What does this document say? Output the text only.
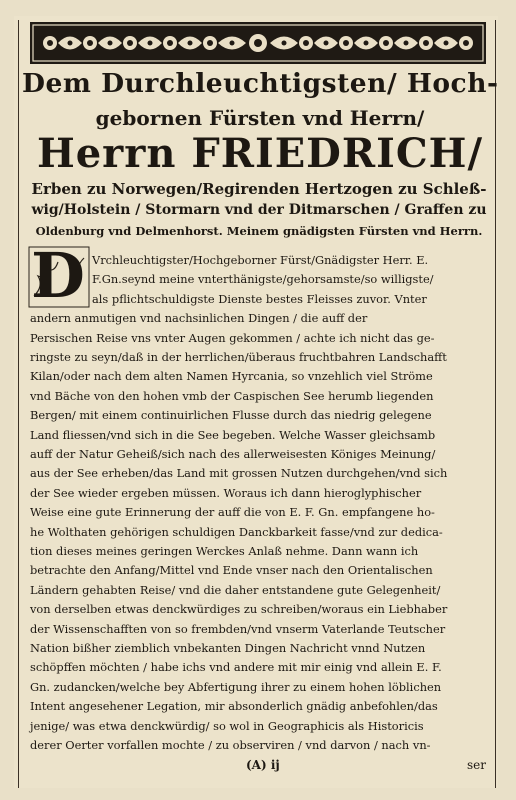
Dem Durchleuchtigsten/ Hoch-
gebornen Fürsten vnd Herrn/
Herrn FRIEDRICH/
Erben zu Norwegen/Regirenden Hertzogen zu Schleß-
wig/Holstein / Stormarn vnd der Ditmarschen / Graffen zu
Oldenburg vnd Delmenhorst. Meinem gnädigsten Fürsten vnd Herrn.
D Vrchleuchtigster/Hochgeborner Fürst/Gnädigster Herr. E.
F.Gn.seynd meine vnterthänigste/gehorsamste/so willigste/
als pflichtschuldigste Dienste bestes Fleisses zuvor. Vnter
andern anmutigen vnd nachsinlichen Dingen / die auff der
Persischen Reise vns vnter Augen gekommen / achte ich nicht das ge-
ringste zu seyn/daß in der herrlichen/überaus fruchtbahren Landschafft
Kilan/oder nach dem alten Namen Hyrcania, so vnzehlich viel Ströme
vnd Bäche von den hohen vmb der Caspischen See herumb liegenden
Bergen/ mit einem continuirlichen Flusse durch das niedrig gelegene
Land fliessen/vnd sich in die See begeben. Welche Wasser gleichsamb
auff der Natur Geheiß/sich nach des allerweisesten Königes Meinung/
aus der See erheben/das Land mit grossen Nutzen durchgehen/vnd sich
der See wieder ergeben müssen. Woraus ich dann hieroglyphischer
Weise eine gute Erinnerung der auff die von E. F. Gn. empfangene ho-
he Wolthaten gehörigen schuldigen Danckbarkeit fasse/vnd zur dedica-
tion dieses meines geringen Werckes Anlaß nehme. Dann wann ich
betrachte den Anfang/Mittel vnd Ende vnser nach den Orientalischen
Ländern gehabten Reise/ vnd die daher entstandene gute Gelegenheit/
von derselben etwas denckwürdiges zu schreiben/woraus ein Liebhaber
der Wissenschafften von so frembden/vnd vnserm Vaterlande Teutscher
Nation bißher ziemblich vnbekanten Dingen Nachricht vnnd Nutzen
schöpffen möchten / habe ichs vnd andere mit mir einig vnd allein E. F.
Gn. zudancken/welche bey Abfertigung ihrer zu einem hohen löblichen
Intent angesehener Legation, mir absonderlich gnädig anbefohlen/das
jenige/ was etwa denckwürdig/ so wol in Geographicis als Historicis
derer Oerter vorfallen mochte / zu observiren / vnd darvon / nach vn-
(A) ij	ser
